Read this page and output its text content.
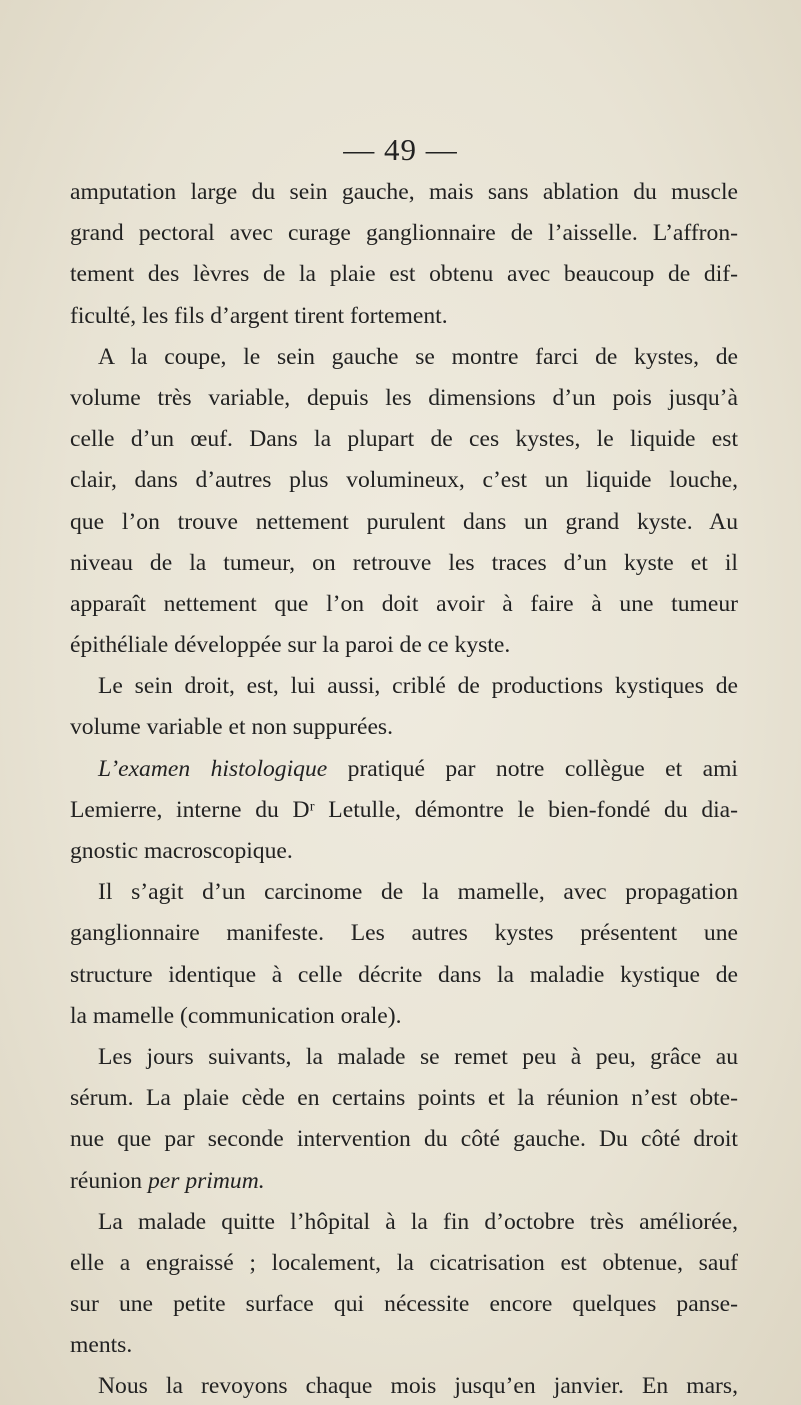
— 49 —
amputation large du sein gauche, mais sans ablation du muscle
grand pectoral avec curage ganglionnaire de l’aisselle. L’affron-
tement des lèvres de la plaie est obtenu avec beaucoup de dif-
ficulté, les fils d’argent tirent fortement.
A la coupe, le sein gauche se montre farci de kystes, de
volume très variable, depuis les dimensions d’un pois jusqu’à
celle d’un œuf. Dans la plupart de ces kystes, le liquide est
clair, dans d’autres plus volumineux, c’est un liquide louche,
que l’on trouve nettement purulent dans un grand kyste. Au
niveau de la tumeur, on retrouve les traces d’un kyste et il
apparaît nettement que l’on doit avoir à faire à une tumeur
épithéliale développée sur la paroi de ce kyste.
Le sein droit, est, lui aussi, criblé de productions kystiques de
volume variable et non suppurées.
L’examen histologique pratiqué par notre collègue et ami
Lemierre, interne du Dʳ Letulle, démontre le bien-fondé du dia-
gnostic macroscopique.
Il s’agit d’un carcinome de la mamelle, avec propagation
ganglionnaire manifeste. Les autres kystes présentent une
structure identique à celle décrite dans la maladie kystique de
la mamelle (communication orale).
Les jours suivants, la malade se remet peu à peu, grâce au
sérum. La plaie cède en certains points et la réunion n’est obte-
nue que par seconde intervention du côté gauche. Du côté droit
réunion per primum.
La malade quitte l’hôpital à la fin d’octobre très améliorée,
elle a engraissé ; localement, la cicatrisation est obtenue, sauf
sur une petite surface qui nécessite encore quelques panse-
ments.
Nous la revoyons chaque mois jusqu’en janvier. En mars,
